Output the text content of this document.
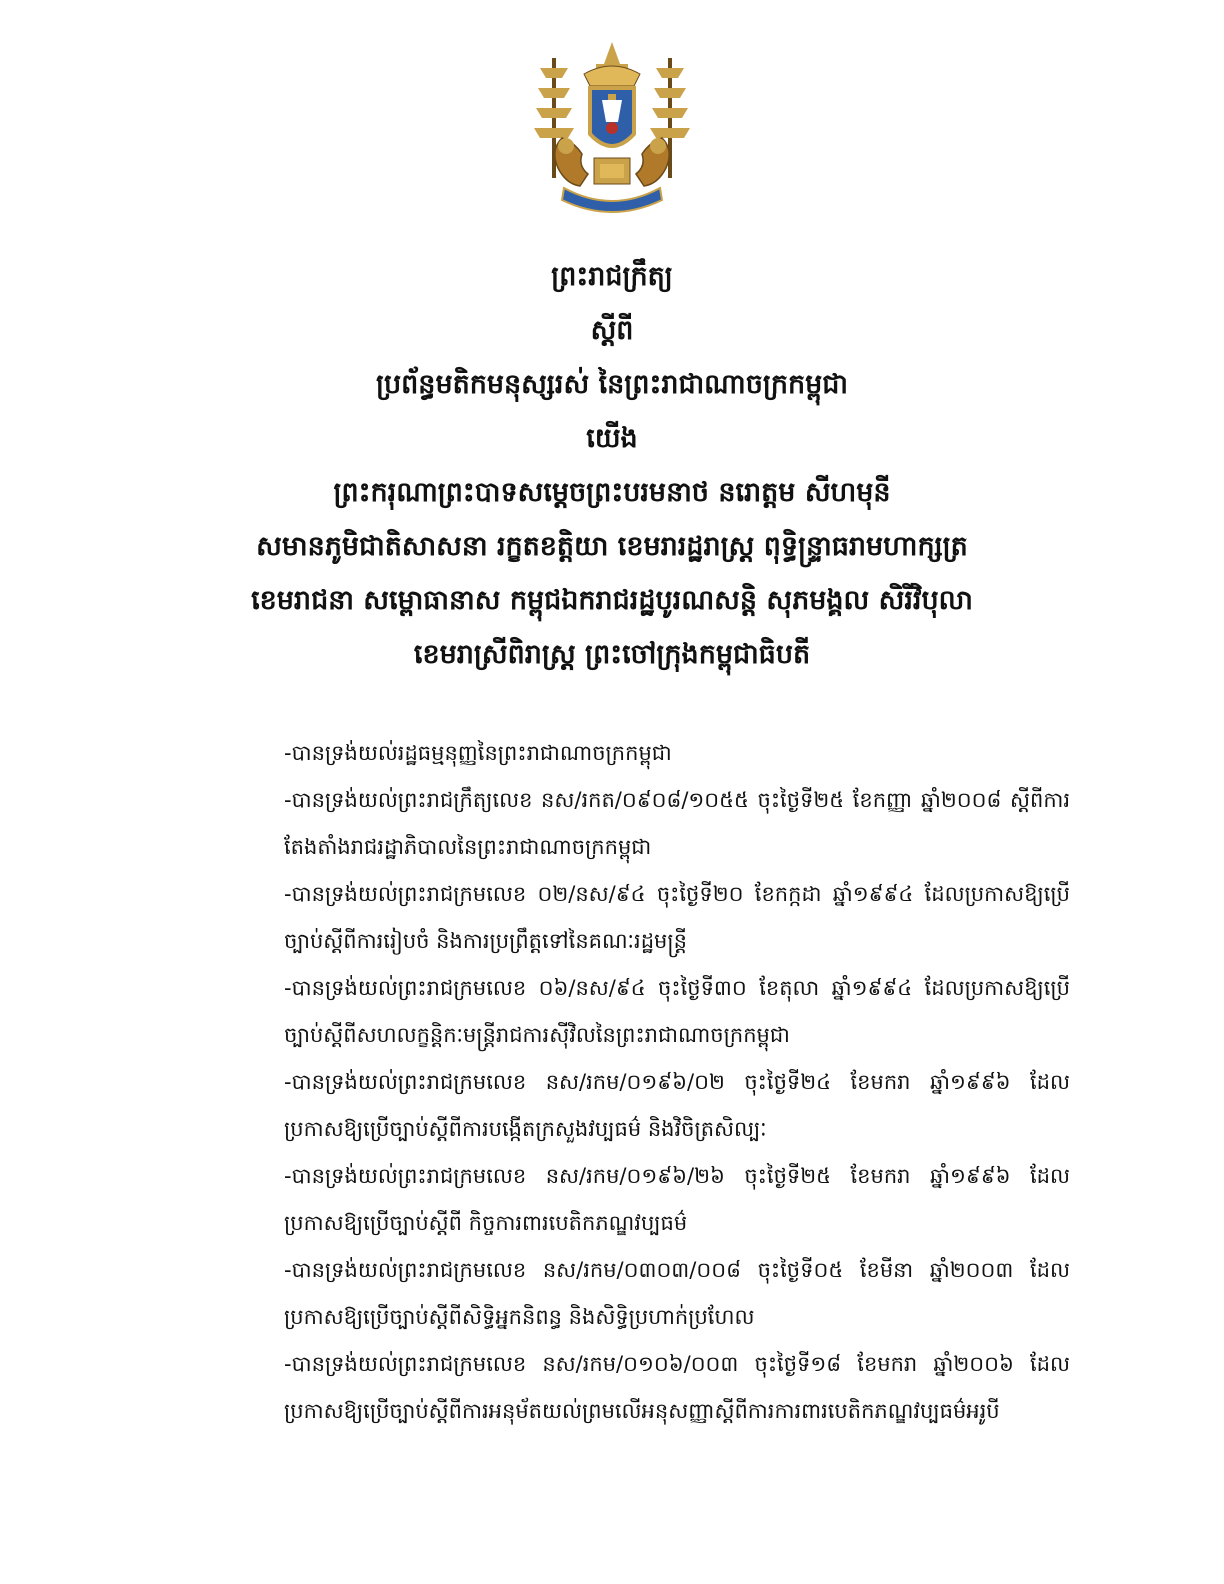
ព្រះរាជក្រឹត្យ
ស្តីពី
ប្រព័ន្ធមតិកមនុស្សរស់ នៃព្រះរាជាណាចក្រកម្ពុជា
យើង
ព្រះករុណាព្រះបាទសម្តេចព្រះបរមនាថ នរោត្តម សីហមុនី
សមានភូមិជាតិសាសនា រក្ខតខត្តិយា ខេមរារដ្ឋរាស្ត្រ ពុទ្ធិន្ទ្រាធរាមហាក្សត្រ
ខេមរាជនា សម្ពោធានាស កម្ពុជឯករាជរដ្ឋបូរណសន្តិ សុភមង្គល សិរីវិបុលា
ខេមរាស្រីពិរាស្ត្រ ព្រះចៅក្រុងកម្ពុជាធិបតី

-បានទ្រង់យល់រដ្ឋធម្មនុញ្ញនៃព្រះរាជាណាចក្រកម្ពុជា

-បានទ្រង់យល់ព្រះរាជក្រឹត្យលេខ នស/រកត/០៩០៨/១០៥៥ ចុះថ្ងៃទី២៥ ខែកញ្ញា ឆ្នាំ២០០៨ ស្តីពីការតែងតាំងរាជរដ្ឋាភិបាលនៃព្រះរាជាណាចក្រកម្ពុជា

-បានទ្រង់យល់ព្រះរាជក្រមលេខ ០២/នស/៩៤ ចុះថ្ងៃទី២០ ខែកក្កដា ឆ្នាំ១៩៩៤ ដែលប្រកាសឱ្យប្រើច្បាប់ស្តីពីការរៀបចំ និងការប្រព្រឹត្តទៅនៃគណៈរដ្ឋមន្ត្រី

-បានទ្រង់យល់ព្រះរាជក្រមលេខ ០៦/នស/៩៤ ចុះថ្ងៃទី៣០ ខែតុលា ឆ្នាំ១៩៩៤ ដែលប្រកាសឱ្យប្រើច្បាប់ស្តីពីសហលក្ខន្តិកៈមន្ត្រីរាជការស៊ីវិលនៃព្រះរាជាណាចក្រកម្ពុជា

-បានទ្រង់យល់ព្រះរាជក្រមលេខ នស/រកម/០១៩៦/០២ ចុះថ្ងៃទី២៤ ខែមករា ឆ្នាំ១៩៩៦ ដែលប្រកាសឱ្យប្រើច្បាប់ស្តីពីការបង្កើតក្រសួងវប្បធម៌ និងវិចិត្រសិល្បៈ

-បានទ្រង់យល់ព្រះរាជក្រមលេខ នស/រកម/០១៩៦/២៦ ចុះថ្ងៃទី២៥ ខែមករា ឆ្នាំ១៩៩៦ ដែលប្រកាសឱ្យប្រើច្បាប់ស្តីពី កិច្ចការពារបេតិកភណ្ឌវប្បធម៌

-បានទ្រង់យល់ព្រះរាជក្រមលេខ នស/រកម/០៣០៣/០០៨ ចុះថ្ងៃទី០៥ ខែមីនា ឆ្នាំ២០០៣ ដែលប្រកាសឱ្យប្រើច្បាប់ស្តីពីសិទ្ធិអ្នកនិពន្ធ និងសិទ្ធិប្រហាក់ប្រហែល

-បានទ្រង់យល់ព្រះរាជក្រមលេខ នស/រកម/០១០៦/០០៣ ចុះថ្ងៃទី១៨ ខែមករា ឆ្នាំ២០០៦ ដែលប្រកាសឱ្យប្រើច្បាប់ស្តីពីការអនុម័តយល់ព្រមលើអនុសញ្ញាស្តីពីការការពារបេតិកភណ្ឌវប្បធម៌អរូបី
